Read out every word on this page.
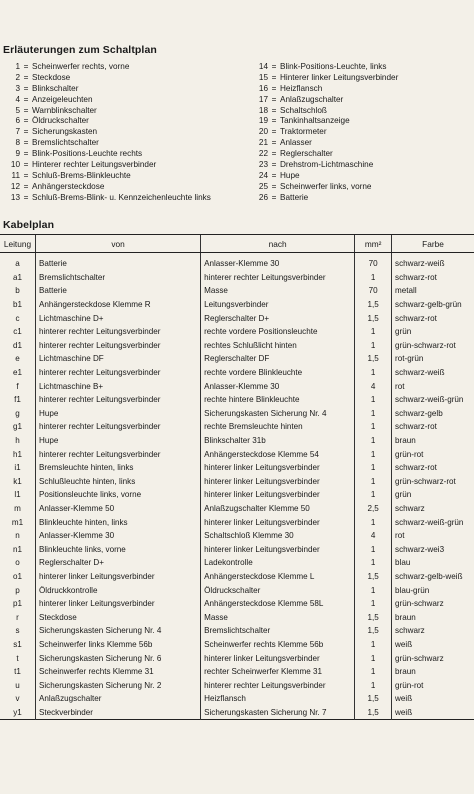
Erläuterungen zum Schaltplan
1 = Scheinwerfer rechts, vorne
2 = Steckdose
3 = Blinkschalter
4 = Anzeigeleuchten
5 = Warnblinkschalter
6 = Öldruckschalter
7 = Sicherungskasten
8 = Bremslichtschalter
9 = Blink-Positions-Leuchte rechts
10 = Hinterer rechter Leitungsverbinder
11 = Schluß-Brems-Blinkleuchte
12 = Anhängersteckdose
13 = Schluß-Brems-Blink- u. Kennzeichenleuchte links
14 = Blink-Positions-Leuchte, links
15 = Hinterer linker Leitungsverbinder
16 = Heizflansch
17 = Anlaßzugschalter
18 = Schaltschloß
19 = Tankinhaltsanzeige
20 = Traktormeter
21 = Anlasser
22 = Reglerschalter
23 = Drehstrom-Lichtmaschine
24 = Hupe
25 = Scheinwerfer links, vorne
26 = Batterie
Kabelplan
Leitung	von	nach	mm²	Farbe
a	Batterie	Anlasser-Klemme 30	70	schwarz-weiß
a1	Bremslichtschalter	hinterer rechter Leitungsverbinder	1	schwarz-rot
b	Batterie	Masse	70	metall
b1	Anhängersteckdose Klemme R	Leitungsverbinder	1,5	schwarz-gelb-grün
c	Lichtmaschine D+	Reglerschalter D+	1,5	schwarz-rot
c1	hinterer rechter Leitungsverbinder	rechte vordere Positionsleuchte	1	grün
d1	hinterer rechter Leitungsverbinder	rechtes Schlußlicht hinten	1	grün-schwarz-rot
e	Lichtmaschine DF	Reglerschalter DF	1,5	rot-grün
e1	hinterer rechter Leitungsverbinder	rechte vordere Blinkleuchte	1	schwarz-weiß
f	Lichtmaschine B+	Anlasser-Klemme 30	4	rot
f1	hinterer rechter Leitungsverbinder	rechte hintere Blinkleuchte	1	schwarz-weiß-grün
g	Hupe	Sicherungskasten Sicherung Nr. 4	1	schwarz-gelb
g1	hinterer rechter Leitungsverbinder	rechte Bremsleuchte hinten	1	schwarz-rot
h	Hupe	Blinkschalter 31b	1	braun
h1	hinterer rechter Leitungsverbinder	Anhängersteckdose Klemme 54	1	grün-rot
i1	Bremsleuchte hinten, links	hinterer linker Leitungsverbinder	1	schwarz-rot
k1	Schlußleuchte hinten, links	hinterer linker Leitungsverbinder	1	grün-schwarz-rot
l1	Positionsleuchte links, vorne	hinterer linker Leitungsverbinder	1	grün
m	Anlasser-Klemme 50	Anlaßzugschalter Klemme 50	2,5	schwarz
m1	Blinkleuchte hinten, links	hinterer linker Leitungsverbinder	1	schwarz-weiß-grün
n	Anlasser-Klemme 30	Schaltschloß Klemme 30	4	rot
n1	Blinkleuchte links, vorne	hinterer linker Leitungsverbinder	1	schwarz-wei3
o	Reglerschalter D+	Ladekontrolle	1	blau
o1	hinterer linker Leitungsverbinder	Anhängersteckdose Klemme L	1,5	schwarz-gelb-weiß
p	Öldruckkontrolle	Öldruckschalter	1	blau-grün
p1	hinterer linker Leitungsverbinder	Anhängersteckdose Klemme 58L	1	grün-schwarz
r	Steckdose	Masse	1,5	braun
s	Sicherungskasten Sicherung Nr. 4	Bremslichtschalter	1,5	schwarz
s1	Scheinwerfer links Klemme 56b	Scheinwerfer rechts Klemme 56b	1	weiß
t	Sicherungskasten Sicherung Nr. 6	hinterer linker Leitungsverbinder	1	grün-schwarz
t1	Scheinwerfer rechts Klemme 31	rechter Scheinwerfer Klemme 31	1	braun
u	Sicherungskasten Sicherung Nr. 2	hinterer rechter Leitungsverbinder	1	grün-rot
v	Anlaßzugschalter	Heizflansch	1,5	weiß
y1	Steckverbinder	Sicherungskasten Sicherung Nr. 7	1,5	weiß
